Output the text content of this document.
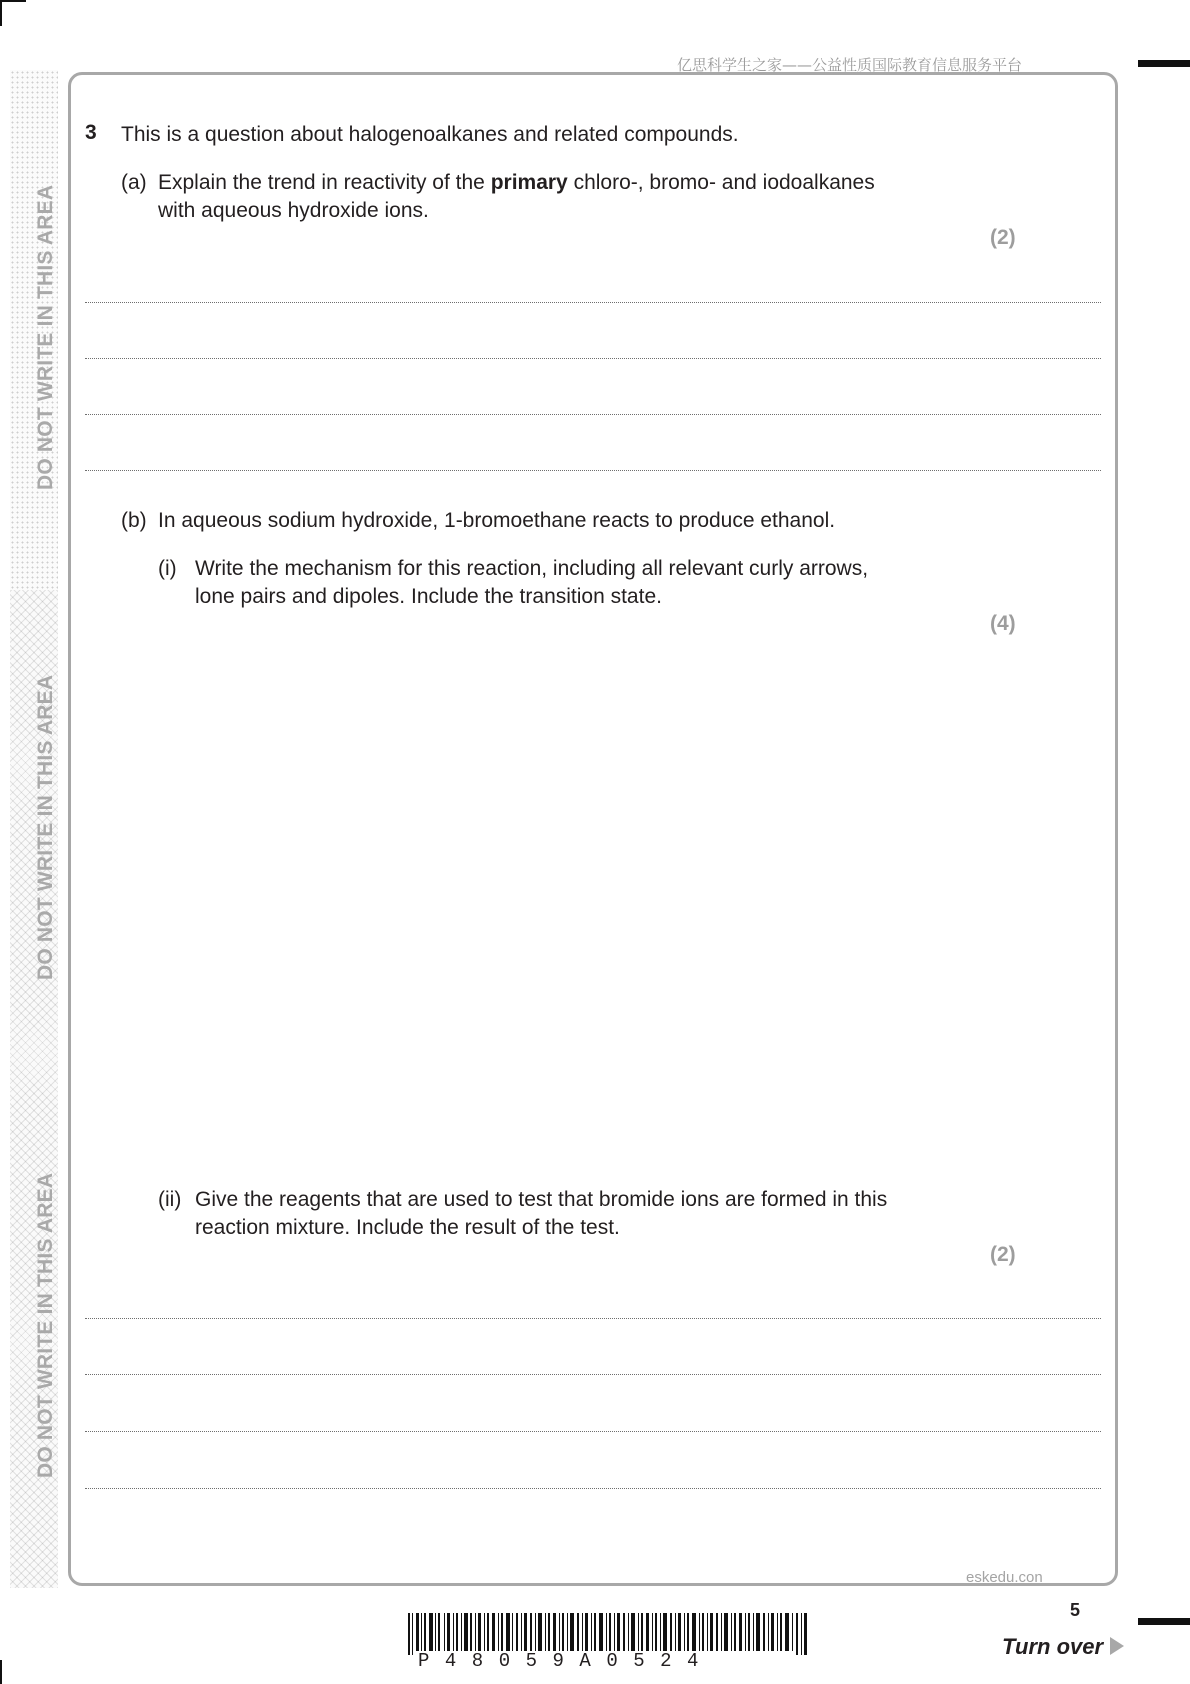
DO NOT WRITE IN THIS AREA
DO NOT WRITE IN THIS AREA
DO NOT WRITE IN THIS AREA
亿思科学生之家——公益性质国际教育信息服务平台
3 This is a question about halogenoalkanes and related compounds.
(a) Explain the trend in reactivity of the primary chloro-, bromo- and iodoalkanes
with aqueous hydroxide ions.
(2)
(b) In aqueous sodium hydroxide, 1-bromoethane reacts to produce ethanol.
(i) Write the mechanism for this reaction, including all relevant curly arrows,
lone pairs and dipoles. Include the transition state.
(4)
(ii) Give the reagents that are used to test that bromide ions are formed in this
reaction mixture. Include the result of the test.
(2)
eskedu.con
5
P48059A0524
Turn over
